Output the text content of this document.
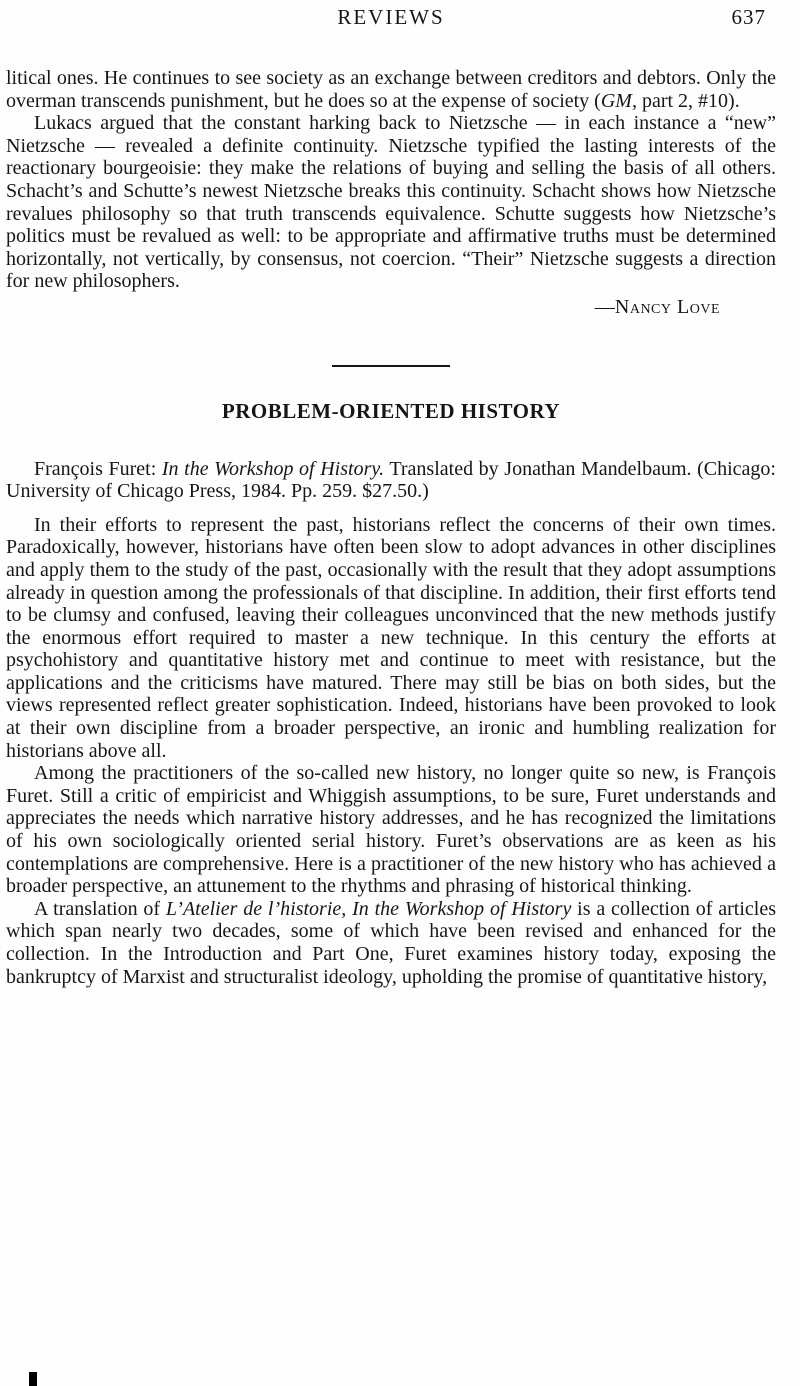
REVIEWS	637

litical ones. He continues to see society as an exchange between creditors and debtors. Only the overman transcends punishment, but he does so at the expense of society (GM, part 2, #10).

Lukacs argued that the constant harking back to Nietzsche — in each instance a “new” Nietzsche — revealed a definite continuity. Nietzsche typified the lasting interests of the reactionary bourgeoisie: they make the relations of buying and selling the basis of all others. Schacht’s and Schutte’s newest Nietzsche breaks this continuity. Schacht shows how Nietzsche revalues philosophy so that truth transcends equivalence. Schutte suggests how Nietzsche’s politics must be revalued as well: to be appropriate and affirmative truths must be determined horizontally, not vertically, by consensus, not coercion. “Their” Nietzsche suggests a direction for new philosophers.

—Nancy Love

PROBLEM-ORIENTED HISTORY

François Furet: In the Workshop of History. Translated by Jonathan Mandelbaum. (Chicago: University of Chicago Press, 1984. Pp. 259. $27.50.)

In their efforts to represent the past, historians reflect the concerns of their own times. Paradoxically, however, historians have often been slow to adopt advances in other disciplines and apply them to the study of the past, occasionally with the result that they adopt assumptions already in question among the professionals of that discipline. In addition, their first efforts tend to be clumsy and confused, leaving their colleagues unconvinced that the new methods justify the enormous effort required to master a new technique. In this century the efforts at psychohistory and quantitative history met and continue to meet with resistance, but the applications and the criticisms have matured. There may still be bias on both sides, but the views represented reflect greater sophistication. Indeed, historians have been provoked to look at their own discipline from a broader perspective, an ironic and humbling realization for historians above all.

Among the practitioners of the so-called new history, no longer quite so new, is François Furet. Still a critic of empiricist and Whiggish assumptions, to be sure, Furet understands and appreciates the needs which narrative history addresses, and he has recognized the limitations of his own sociologically oriented serial history. Furet’s observations are as keen as his contemplations are comprehensive. Here is a practitioner of the new history who has achieved a broader perspective, an attunement to the rhythms and phrasing of historical thinking.

A translation of L’Atelier de l’historie, In the Workshop of History is a collection of articles which span nearly two decades, some of which have been revised and enhanced for the collection. In the Introduction and Part One, Furet examines history today, exposing the bankruptcy of Marxist and structuralist ideology, upholding the promise of quantitative history,
